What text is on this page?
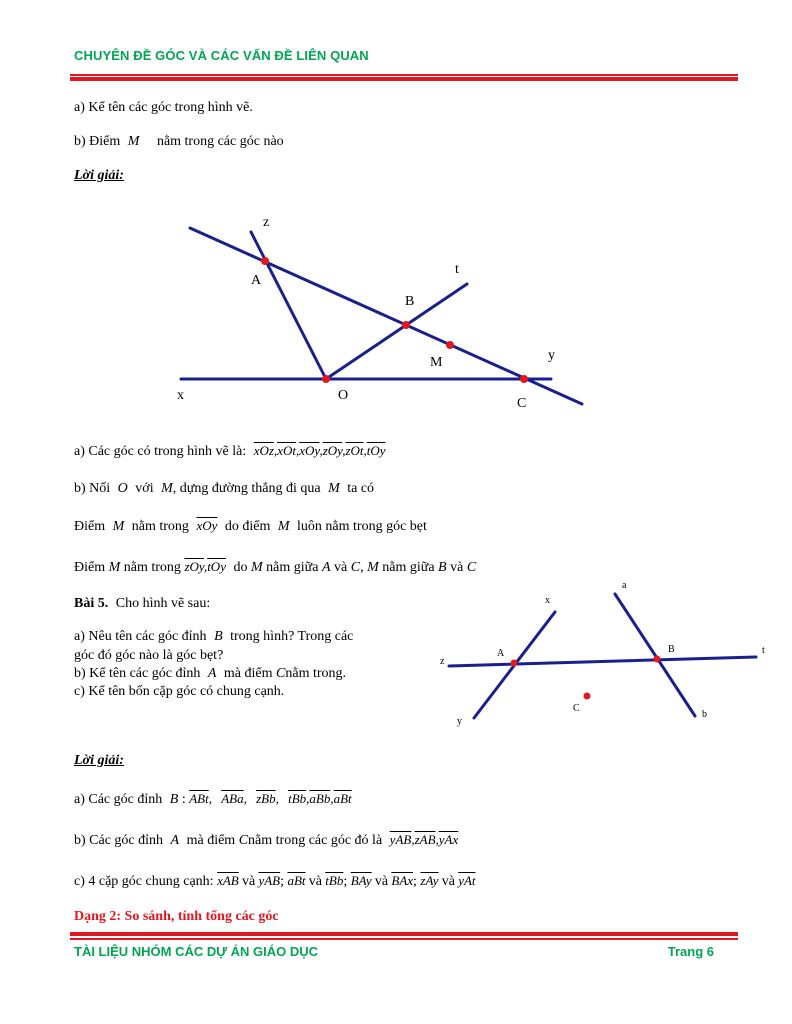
CHUYÊN ĐỀ GÓC VÀ CÁC VẤN ĐỀ LIÊN QUAN
a) Kể tên các góc trong hình vẽ.
b) Điểm M nằm trong các góc nào
Lời giải:
z
A
t
B
M	y
x	O
C
a) Các góc có trong hình vẽ là: $\overline{xOz},\overline{xOt},\overline{xOy},\overline{zOy},\overline{zOt},\overline{tOy}$
b) Nối O với M, dựng đường thẳng đi qua M ta có
Điểm M nằm trong $\overline{xOy}$ do điểm M luôn nằm trong góc bẹt
Điểm M nằm trong $\overline{zOy},\overline{tOy}$ do M nằm giữa A và C, M nằm giữa B và C
Bài 5. Cho hình vẽ sau:
a) Nêu tên các góc đỉnh B trong hình? Trong các
góc đó góc nào là góc bẹt?
b) Kể tên các góc đỉnh A mà điểm Cnằm trong.
c) Kể tên bốn cặp góc có chung cạnh.
x
a
z
A	B	t
C
y
b
Lời giải:
a) Các góc đỉnh B : $\overline{ABt}$, $\overline{ABa}$, $\overline{zBb}$, $\overline{tBb},\overline{aBb},\overline{aBt}$
b) Các góc đỉnh A mà điểm Cnằm trong các góc đó là $\overline{yAB},\overline{zAB},\overline{yAx}$
c) 4 cặp góc chung cạnh: $\overline{xAB}$ và $\overline{yAB}$; $\overline{aBt}$ và $\overline{tBb}$; $\overline{BAy}$ và $\overline{BAx}$; $\overline{zAy}$ và $\overline{yAt}$
Dạng 2: So sánh, tính tổng các góc
TÀI LIỆU NHÓM CÁC DỰ ÁN GIÁO DỤC	Trang 6
